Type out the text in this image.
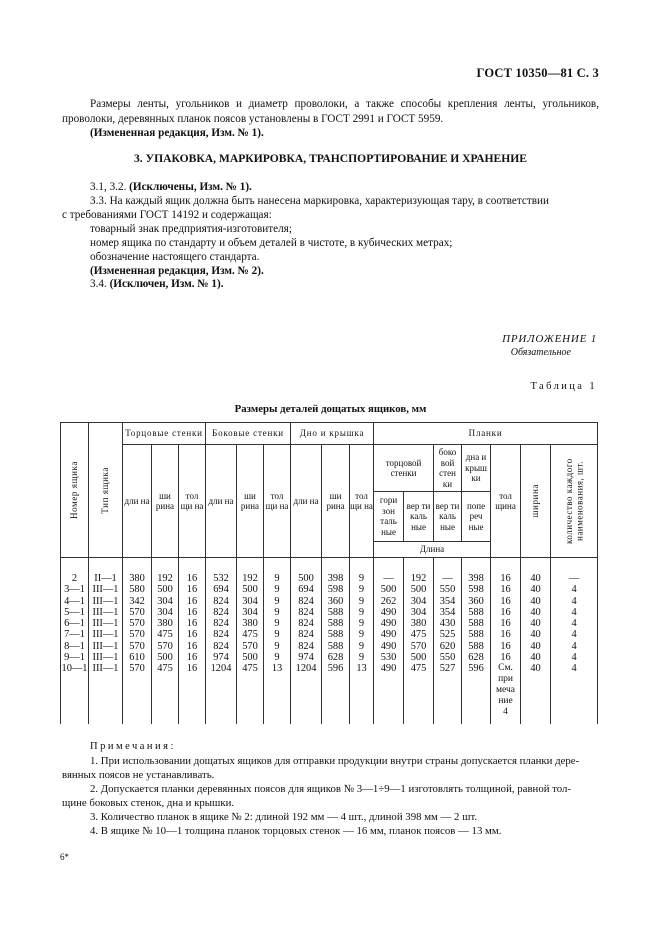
ГОСТ 10350—81 С. 3
Размеры ленты, угольников и диаметр проволоки, а также способы крепления ленты, угольников, проволоки, деревянных планок поясов установлены в ГОСТ 2991 и ГОСТ 5959.
(Измененная редакция, Изм. № 1).
3. УПАКОВКА, МАРКИРОВКА, ТРАНСПОРТИРОВАНИЕ И ХРАНЕНИЕ
3.1, 3.2. (Исключены, Изм. № 1).
3.3. На каждый ящик должна быть нанесена маркировка, характеризующая тару, в соответствии
с требованиями ГОСТ 14192 и содержащая:
товарный знак предприятия-изготовителя;
номер ящика по стандарту и объем деталей в чистоте, в кубических метрах;
обозначение настоящего стандарта.
(Измененная редакция, Изм. № 2).
3.4. (Исключен, Изм. № 1).
ПРИЛОЖЕНИЕ 1
Обязательное
Таблица 1
Размеры деталей дощатых ящиков, мм
Номер ящика	Тип ящика	Торцовые стенки			Боковые стенки			Дно и крышка			Планки						
		дли на	ши рина	тол щи на	дли на	ши рина	тол щи на	дли на	ши рина	тол щи на	торцовой стенки		боко вой стен ки	дна и крыш ки	тол щина	ширина	количество каждого наименования, шт.

											гори зон таль ные	вер ти каль ные	вер ти каль ные	попе реч ные			
											Длина						
2	II—1	380	192	16	532	192	9	500	398	9	—	192	—	398	16	40	—
3—1	III—1	580	500	16	694	500	9	694	598	9	500	500	550	598	16	40	4
4—1	III—1	342	304	16	824	304	9	824	360	9	262	304	354	360	16	40	4
5—1	III—1	570	304	16	824	304	9	824	588	9	490	304	354	588	16	40	4
6—1	III—1	570	380	16	824	380	9	824	588	9	490	380	430	588	16	40	4
7—1	III—1	570	475	16	824	475	9	824	588	9	490	475	525	588	16	40	4
8—1	III—1	570	570	16	824	570	9	824	588	9	490	570	620	588	16	40	4
9—1	III—1	610	500	16	974	500	9	974	628	9	530	500	550	628	16	40	4
10—1	III—1	570	475	16	1204	475	13	1204	596	13	490	475	527	596	См. при меча ние 4	40	4
Примечания:
1. При использовании дощатых ящиков для отправки продукции внутри страны допускается планки дере-
вянных поясов не устанавливать.
2. Допускается планки деревянных поясов для ящиков № 3—1÷9—1 изготовлять толщиной, равной тол-
щине боковых стенок, дна и крышки.
3. Количество планок в ящике № 2: длиной 192 мм — 4 шт., длиной 398 мм — 2 шт.
4. В ящике № 10—1 толщина планок торцовых стенок — 16 мм, планок поясов — 13 мм.
6*
